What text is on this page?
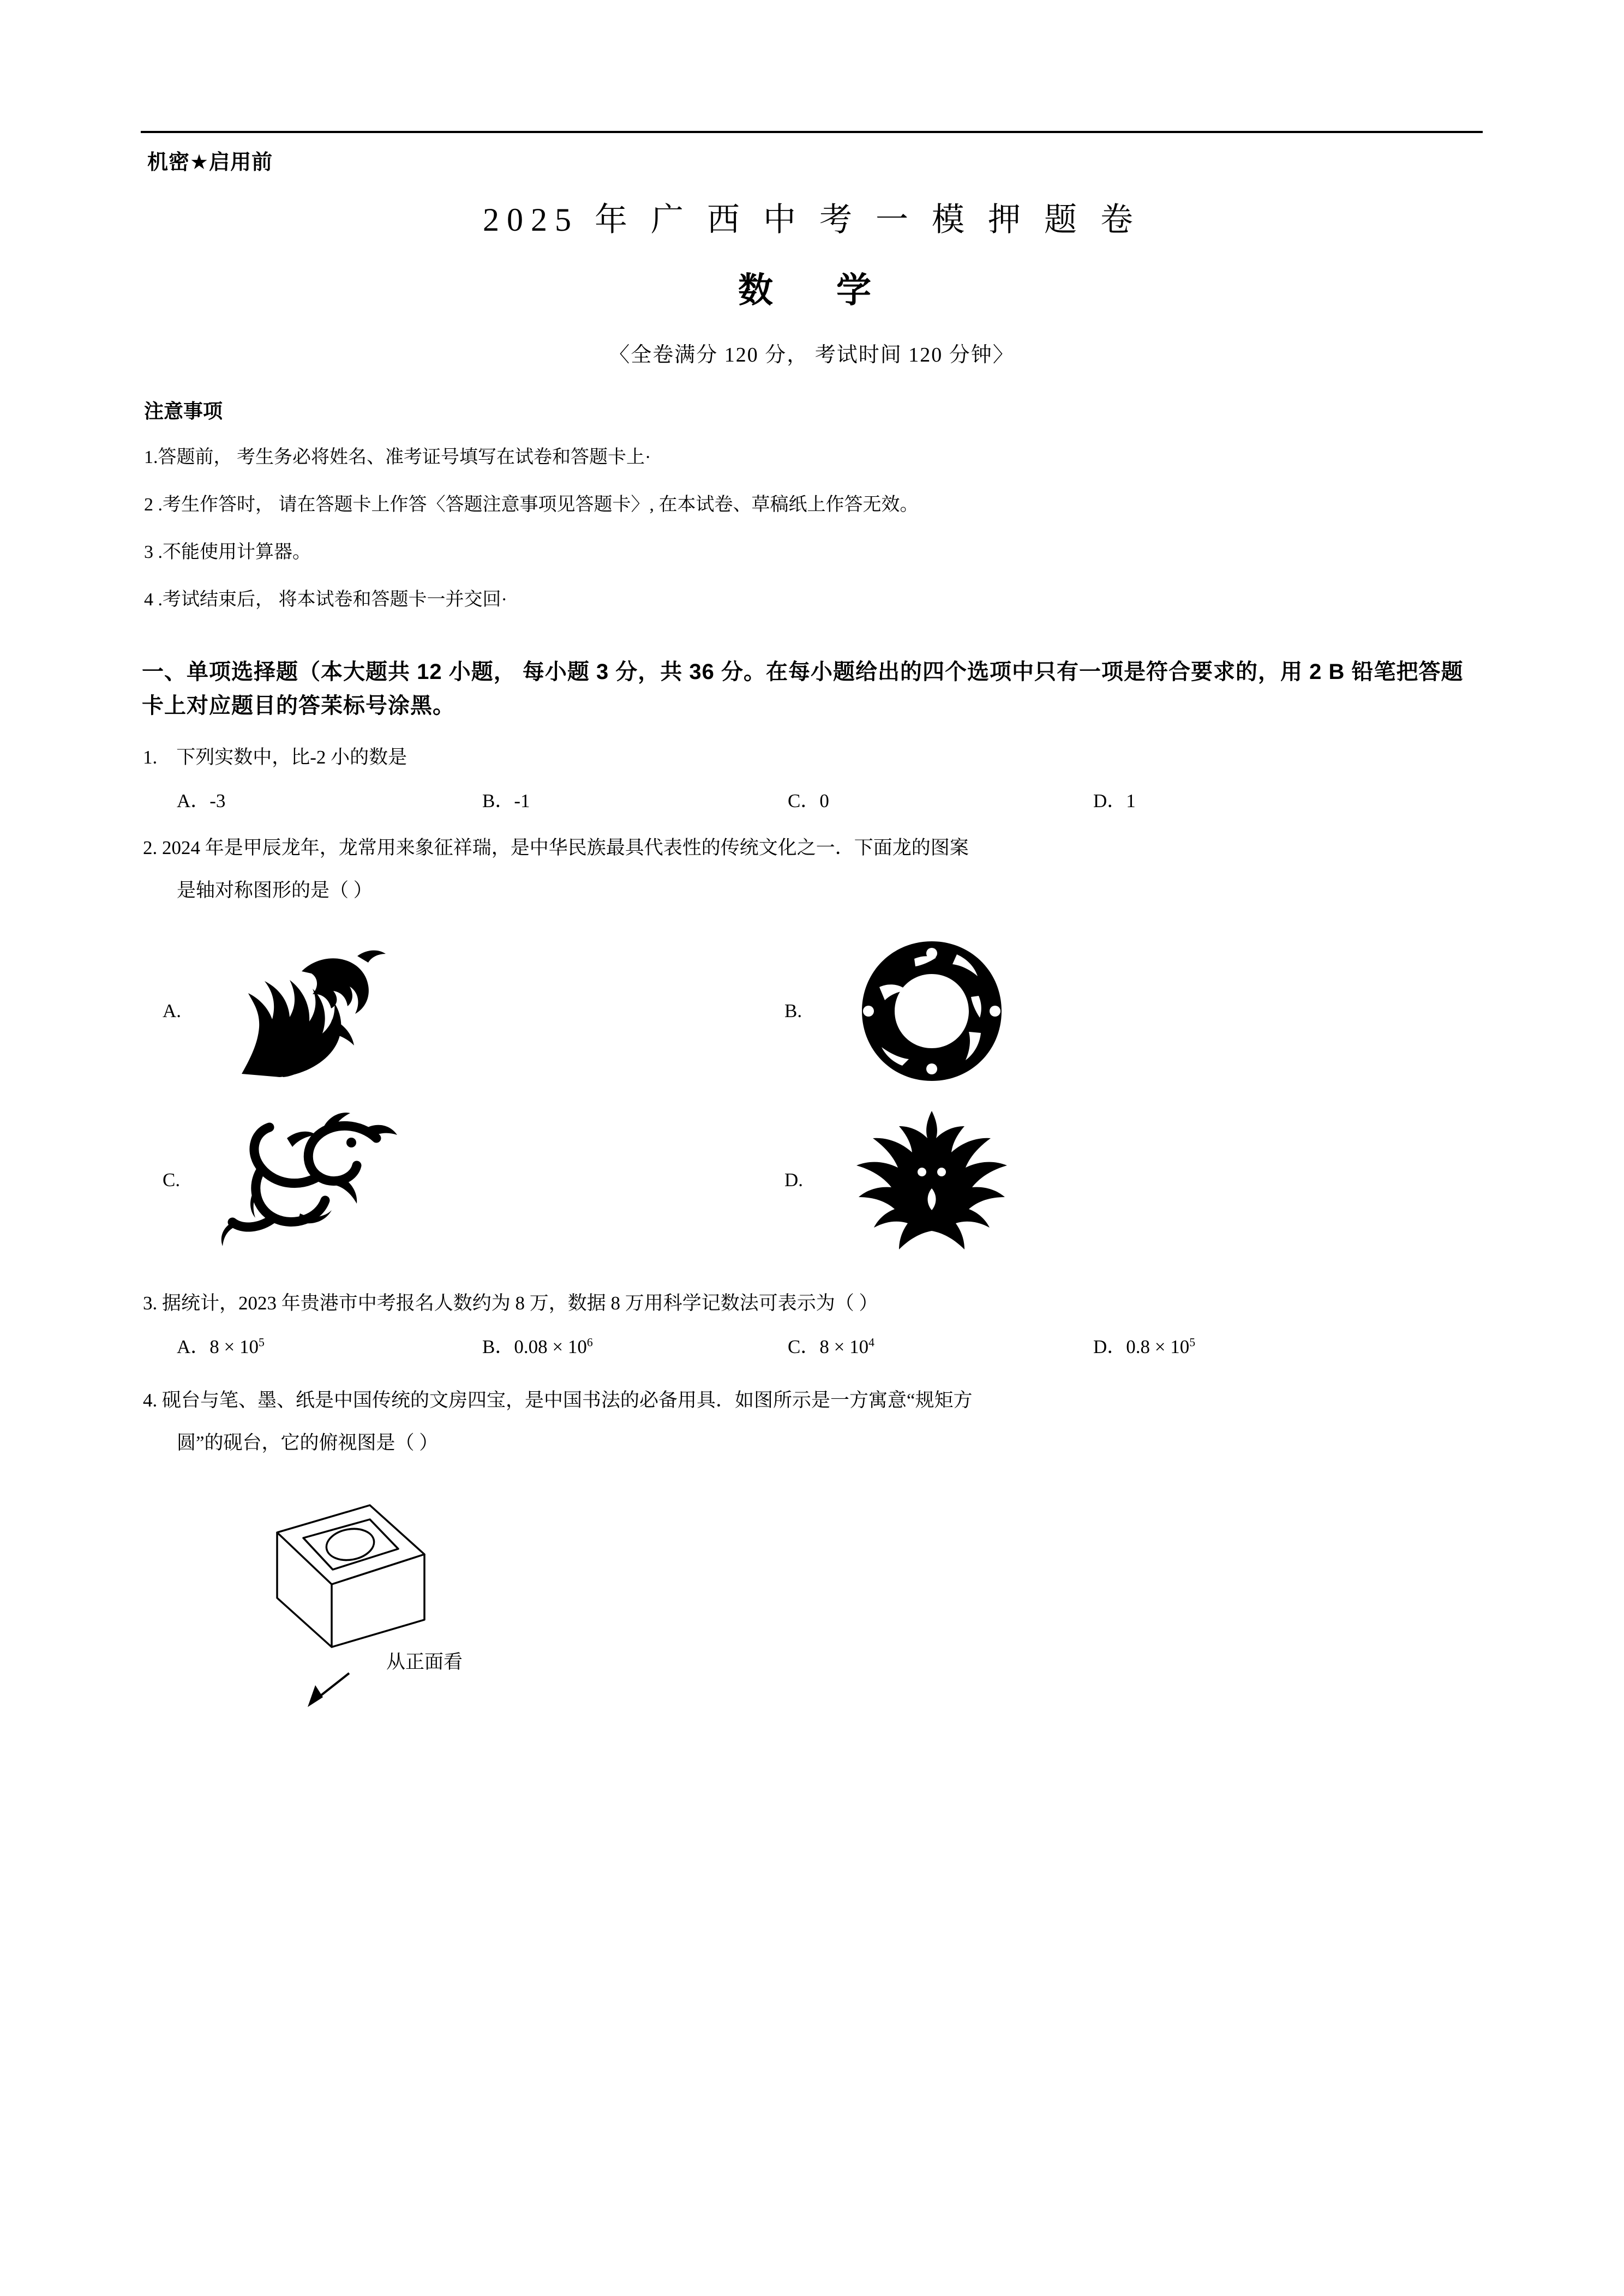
机密★启用前
2025 年 广 西 中 考 一 模 押 题 卷
数　学
〈全卷满分 120 分， 考试时间 120 分钟〉
注意事项
1.答题前， 考生务必将姓名、准考证号填写在试卷和答题卡上·
2 .考生作答时， 请在答题卡上作答〈答题注意事项见答题卡〉, 在本试卷、草稿纸上作答无效。
3 .不能使用计算器。
4 .考试结束后， 将本试卷和答题卡一并交回·
一、单项选择题（本大题共 12 小题， 每小题 3 分，共 36 分。在每小题给出的四个选项中只有一项是符合要求的，用 2 B 铅笔把答题卡上对应题目的答苿标号涂黑。
1. 下列实数中，比-2 小的数是
A．-3	B．-1	C．0	D．1
2. 2024 年是甲辰龙年，龙常用来象征祥瑞，是中华民族最具代表性的传统文化之一．下面龙的图案
是轴对称图形的是（ ）
A.	B.
C.	D.
3. 据统计，2023 年贵港市中考报名人数约为 8 万，数据 8 万用科学记数法可表示为（ ）
A．$8 \times 10^5$	B．$0.08 \times 10^6$	C．$8 \times 10^4$	D．$0.8 \times 10^5$
4. 砚台与笔、墨、纸是中国传统的文房四宝，是中国书法的必备用具．如图所示是一方寓意“规矩方
圆”的砚台，它的俯视图是（ ）
从正面看
